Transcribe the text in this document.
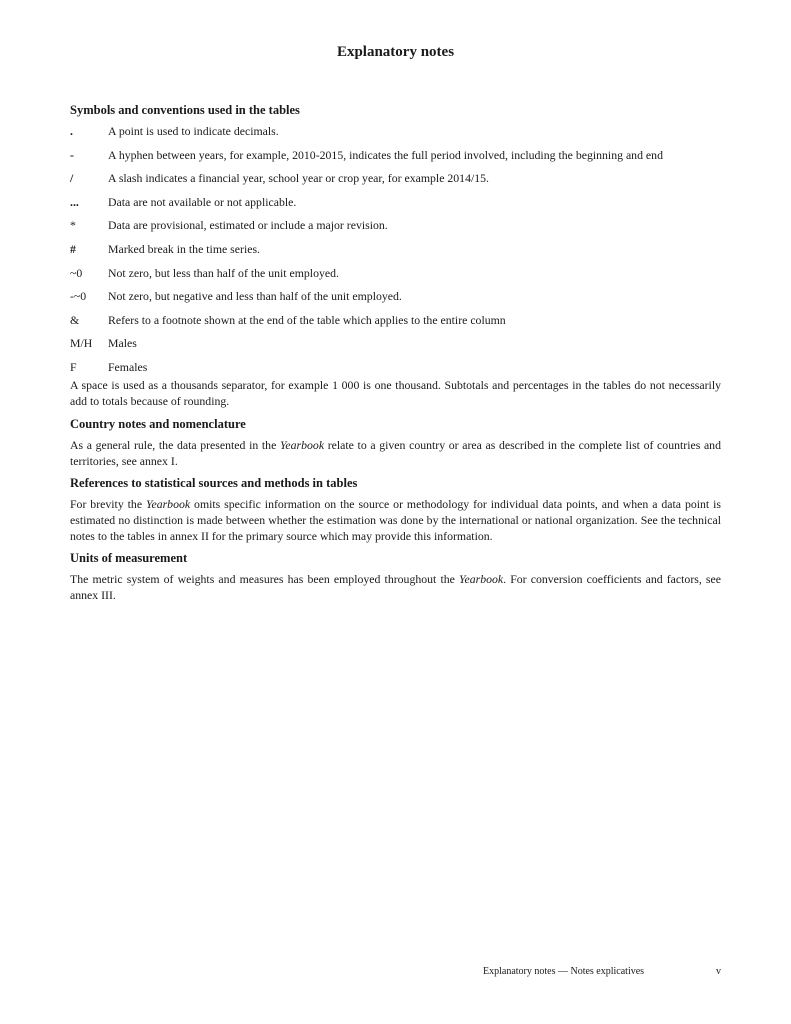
Explanatory notes
Symbols and conventions used in the tables
.	A point is used to indicate decimals.
-	A hyphen between years, for example, 2010-2015, indicates the full period involved, including the beginning and end
/	A slash indicates a financial year, school year or crop year, for example 2014/15.
...	Data are not available or not applicable.
*	Data are provisional, estimated or include a major revision.
#	Marked break in the time series.
~0	Not zero, but less than half of the unit employed.
-~0	Not zero, but negative and less than half of the unit employed.
&	Refers to a footnote shown at the end of the table which applies to the entire column
M/H	Males
F	Females

A space is used as a thousands separator, for example 1 000 is one thousand. Subtotals and percentages in the tables do not necessarily add to totals because of rounding.

Country notes and nomenclature

As a general rule, the data presented in the Yearbook relate to a given country or area as described in the complete list of countries and territories, see annex I.

References to statistical sources and methods in tables

For brevity the Yearbook omits specific information on the source or methodology for individual data points, and when a data point is estimated no distinction is made between whether the estimation was done by the international or national organization. See the technical notes to the tables in annex II for the primary source which may provide this information.

Units of measurement

The metric system of weights and measures has been employed throughout the Yearbook. For conversion coefficients and factors, see annex III.

Explanatory notes — Notes explicatives	v
